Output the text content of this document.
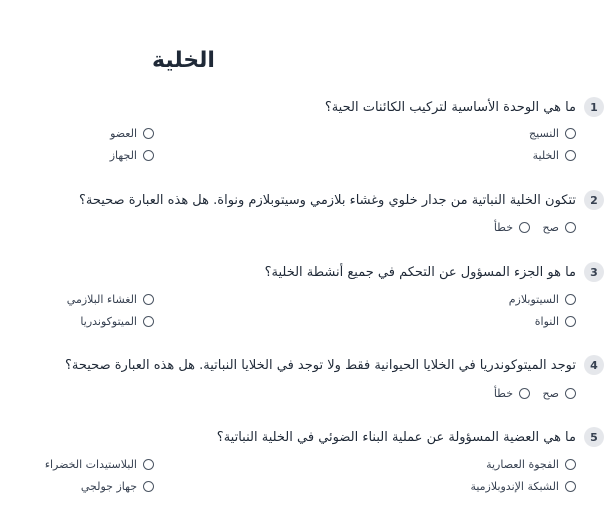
الخلية
1
ما هي الوحدة الأساسية لتركيب الكائنات الحية؟
النسيج
العضو
الخلية
الجهاز
2
تتكون الخلية النباتية من جدار خلوي وغشاء بلازمي وسيتوبلازم ونواة. هل هذه العبارة صحيحة؟
صح
خطأ
3
ما هو الجزء المسؤول عن التحكم في جميع أنشطة الخلية؟
السيتوبلازم
الغشاء البلازمي
النواة
الميتوكوندريا
4
توجد الميتوكوندريا في الخلايا الحيوانية فقط ولا توجد في الخلايا النباتية. هل هذه العبارة صحيحة؟
صح
خطأ
5
ما هي العضية المسؤولة عن عملية البناء الضوئي في الخلية النباتية؟
الفجوة العصارية
البلاستيدات الخضراء
الشبكة الإندوبلازمية
جهاز جولجي
